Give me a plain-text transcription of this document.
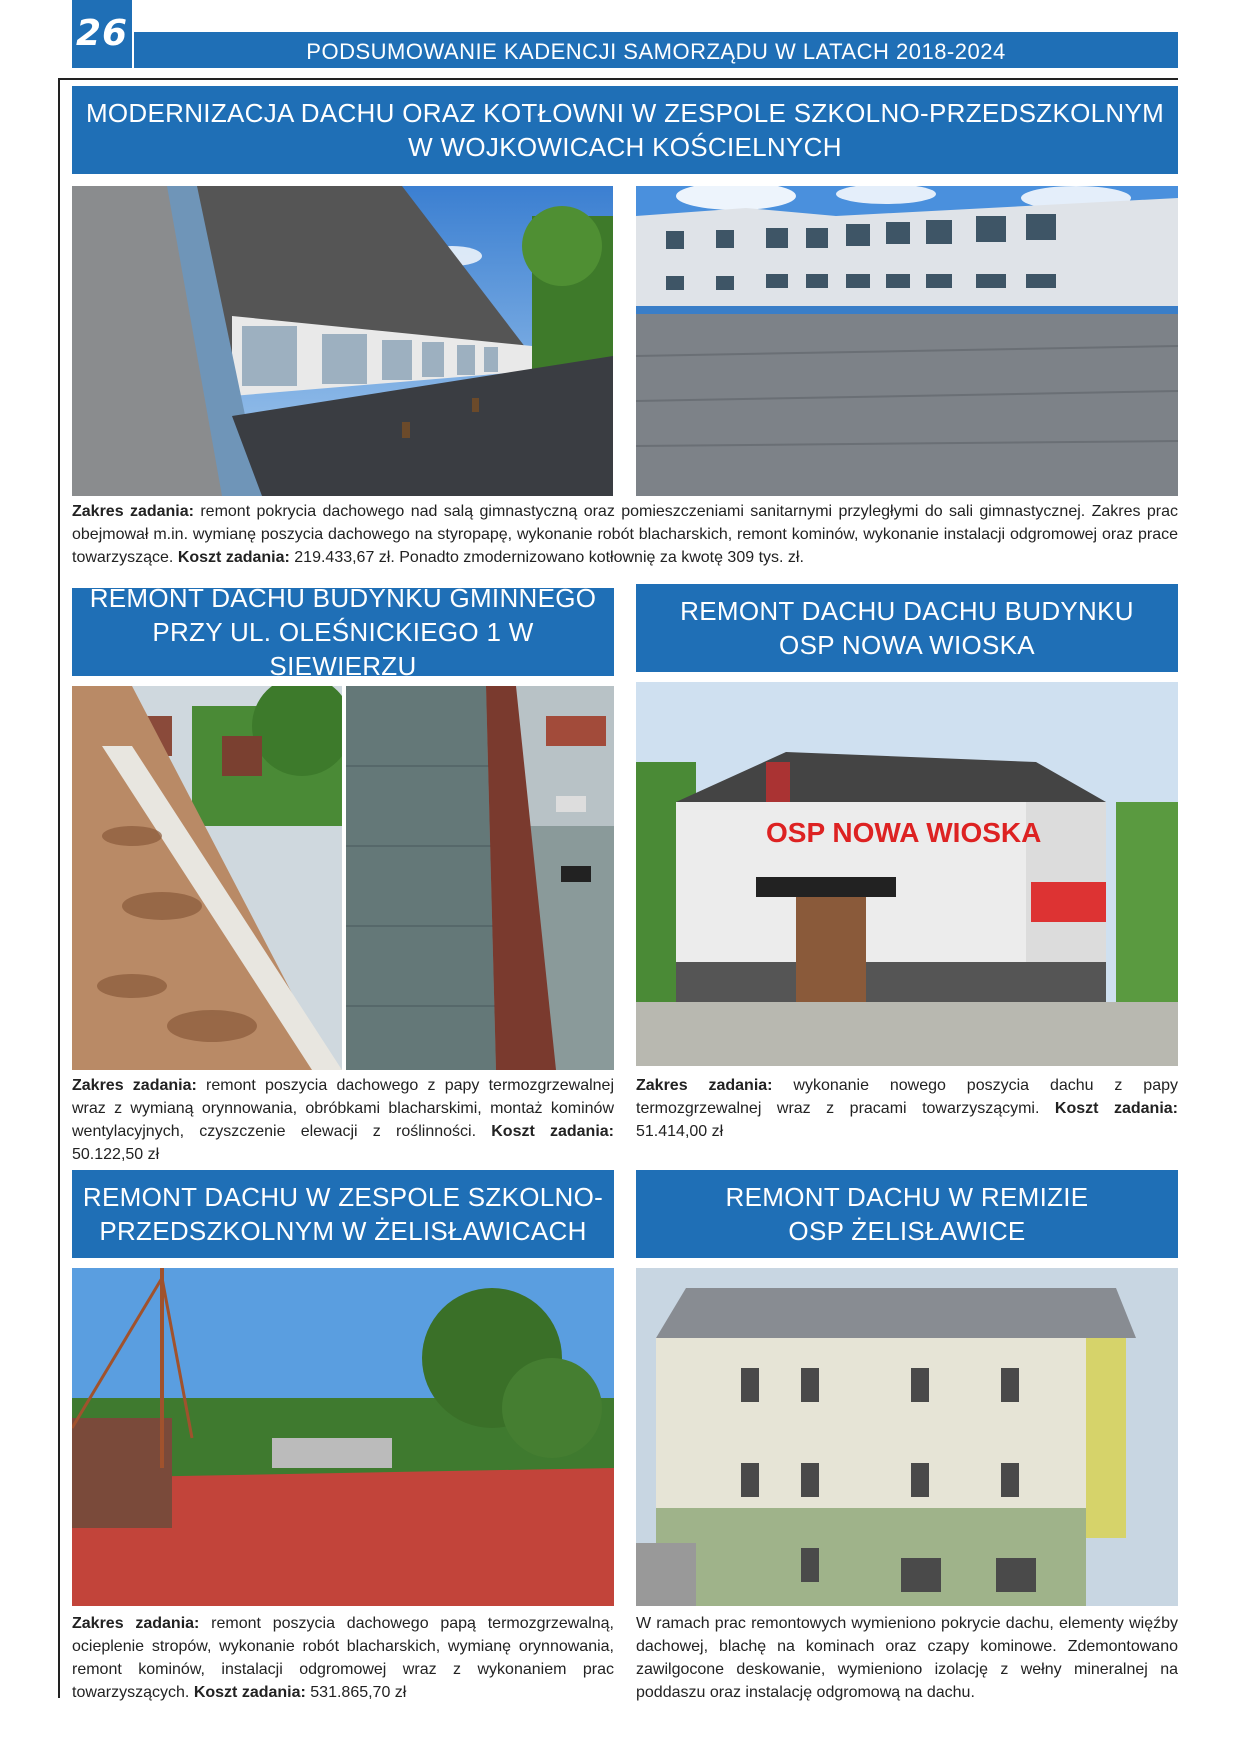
26	PODSUMOWANIE KADENCJI SAMORZĄDU W LATACH 2018-2024
MODERNIZACJA DACHU ORAZ KOTŁOWNI W ZESPOLE SZKOLNO-PRZEDSZKOLNYM
W WOJKOWICACH KOŚCIELNYCH

Zakres zadania: remont pokrycia dachowego nad salą gimnastyczną oraz pomieszczeniami sanitarnymi przyległymi do sali gimnastycznej. Zakres prac obejmował m.in. wymianę poszycia dachowego na styropapę, wykonanie robót blacharskich, remont kominów, wykonanie instalacji odgromowej oraz prace towarzyszące. Koszt zadania: 219.433,67 zł. Ponadto zmodernizowano kotłownię za kwotę 309 tys. zł.

REMONT DACHU BUDYNKU GMINNEGO
PRZY UL. OLEŚNICKIEGO 1 W SIEWIERZU

Zakres zadania: remont poszycia dachowego z papy termozgrzewalnej wraz z wymianą orynnowania, obróbkami blacharskimi, montaż kominów wentylacyjnych, czyszczenie elewacji z roślinności. Koszt zadania: 50.122,50 zł

REMONT DACHU DACHU BUDYNKU
OSP NOWA WIOSKA
OSP NOWA WIOSKA

Zakres zadania: wykonanie nowego poszycia dachu z papy termozgrzewalnej wraz z pracami towarzyszącymi. Koszt zadania: 51.414,00 zł

REMONT DACHU W ZESPOLE SZKOLNO-
PRZEDSZKOLNYM W ŻELISŁAWICACH

Zakres zadania: remont poszycia dachowego papą termozgrzewalną, ocieplenie stropów, wykonanie robót blacharskich, wymianę orynnowania, remont kominów, instalacji odgromowej wraz z wykonaniem prac towarzyszących. Koszt zadania: 531.865,70 zł

REMONT DACHU W REMIZIE
OSP ŻELISŁAWICE

W ramach prac remontowych wymieniono pokrycie dachu, elementy więźby dachowej, blachę na kominach oraz czapy kominowe. Zdemontowano zawilgocone deskowanie, wymieniono izolację z wełny mineralnej na poddaszu oraz instalację odgromową na dachu.
